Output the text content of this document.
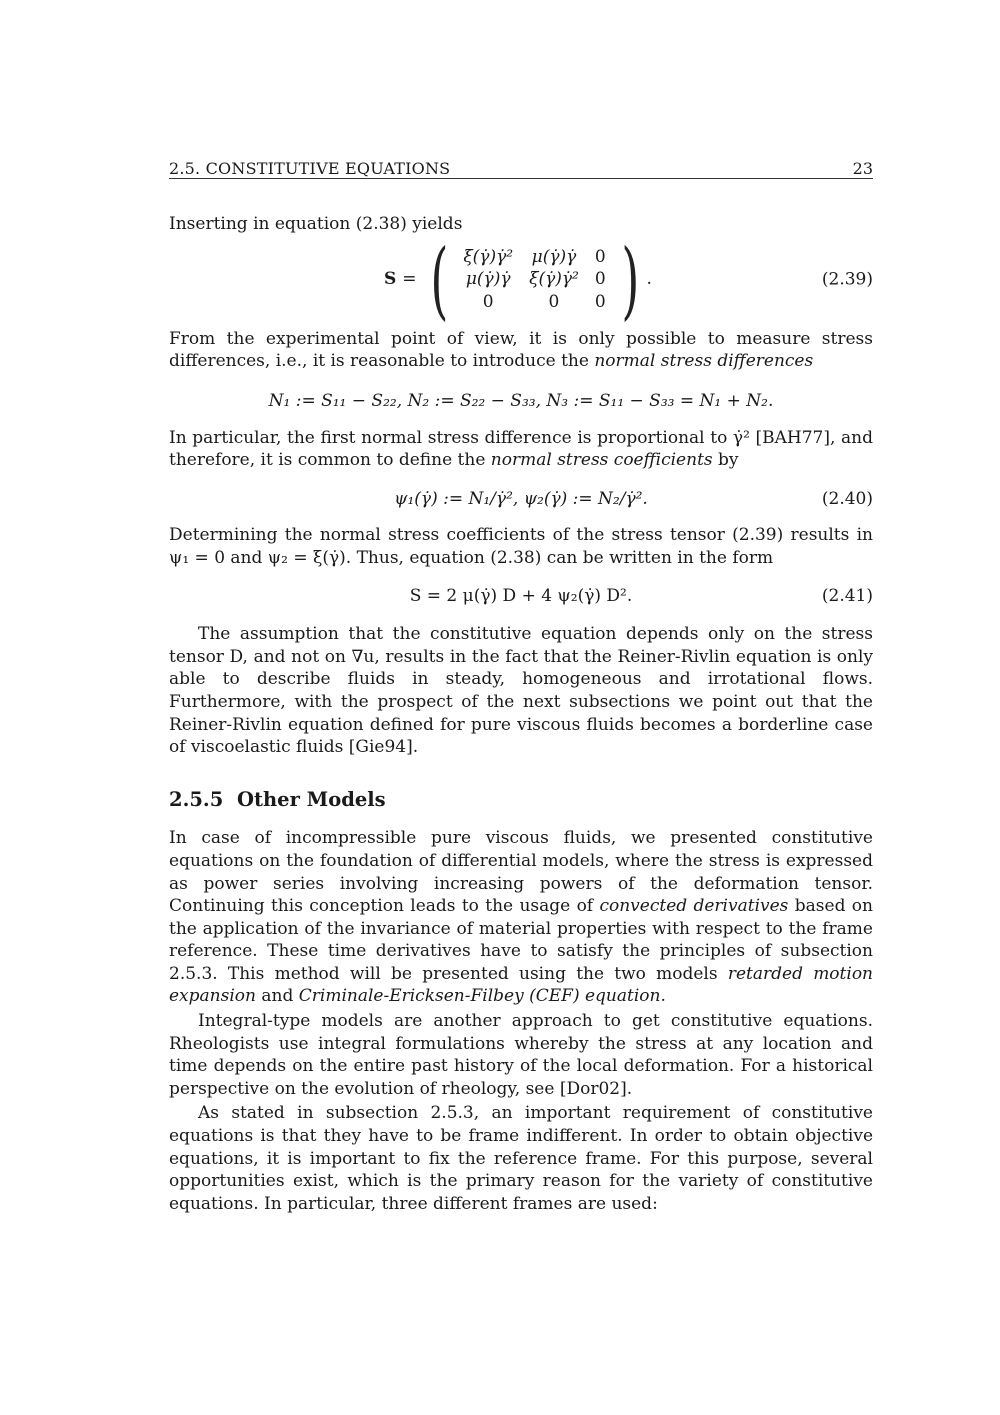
2.5. CONSTITUTIVE EQUATIONS	23

Inserting in equation (2.38) yields

S = ( ξ(γ̇)γ̇²	μ(γ̇)γ̇	0
μ(γ̇)γ̇	ξ(γ̇)γ̇²	0
0	0	0 ) .	(2.39)

From the experimental point of view, it is only possible to measure stress differences, i.e., it is reasonable to introduce the normal stress differences

N₁ := S₁₁ − S₂₂, N₂ := S₂₂ − S₃₃, N₃ := S₁₁ − S₃₃ = N₁ + N₂.

In particular, the first normal stress difference is proportional to γ̇² [BAH77], and therefore, it is common to define the normal stress coefficients by

ψ₁(γ̇) := N₁/γ̇², ψ₂(γ̇) := N₂/γ̇².	(2.40)

Determining the normal stress coefficients of the stress tensor (2.39) results in ψ₁ = 0 and ψ₂ = ξ(γ̇). Thus, equation (2.38) can be written in the form

S = 2 μ(γ̇) D + 4 ψ₂(γ̇) D².	(2.41)

The assumption that the constitutive equation depends only on the stress tensor D, and not on ∇u, results in the fact that the Reiner-Rivlin equation is only able to describe fluids in steady, homogeneous and irrotational flows. Furthermore, with the prospect of the next subsections we point out that the Reiner-Rivlin equation defined for pure viscous fluids becomes a borderline case of viscoelastic fluids [Gie94].

2.5.5 Other Models

In case of incompressible pure viscous fluids, we presented constitutive equations on the foundation of differential models, where the stress is expressed as power series involving increasing powers of the deformation tensor. Continuing this conception leads to the usage of convected derivatives based on the application of the invariance of material properties with respect to the frame reference. These time derivatives have to satisfy the principles of subsection 2.5.3. This method will be presented using the two models retarded motion expansion and Criminale-Ericksen-Filbey (CEF) equation.

Integral-type models are another approach to get constitutive equations. Rheologists use integral formulations whereby the stress at any location and time depends on the entire past history of the local deformation. For a historical perspective on the evolution of rheology, see [Dor02].

As stated in subsection 2.5.3, an important requirement of constitutive equations is that they have to be frame indifferent. In order to obtain objective equations, it is important to fix the reference frame. For this purpose, several opportunities exist, which is the primary reason for the variety of constitutive equations. In particular, three different frames are used:
